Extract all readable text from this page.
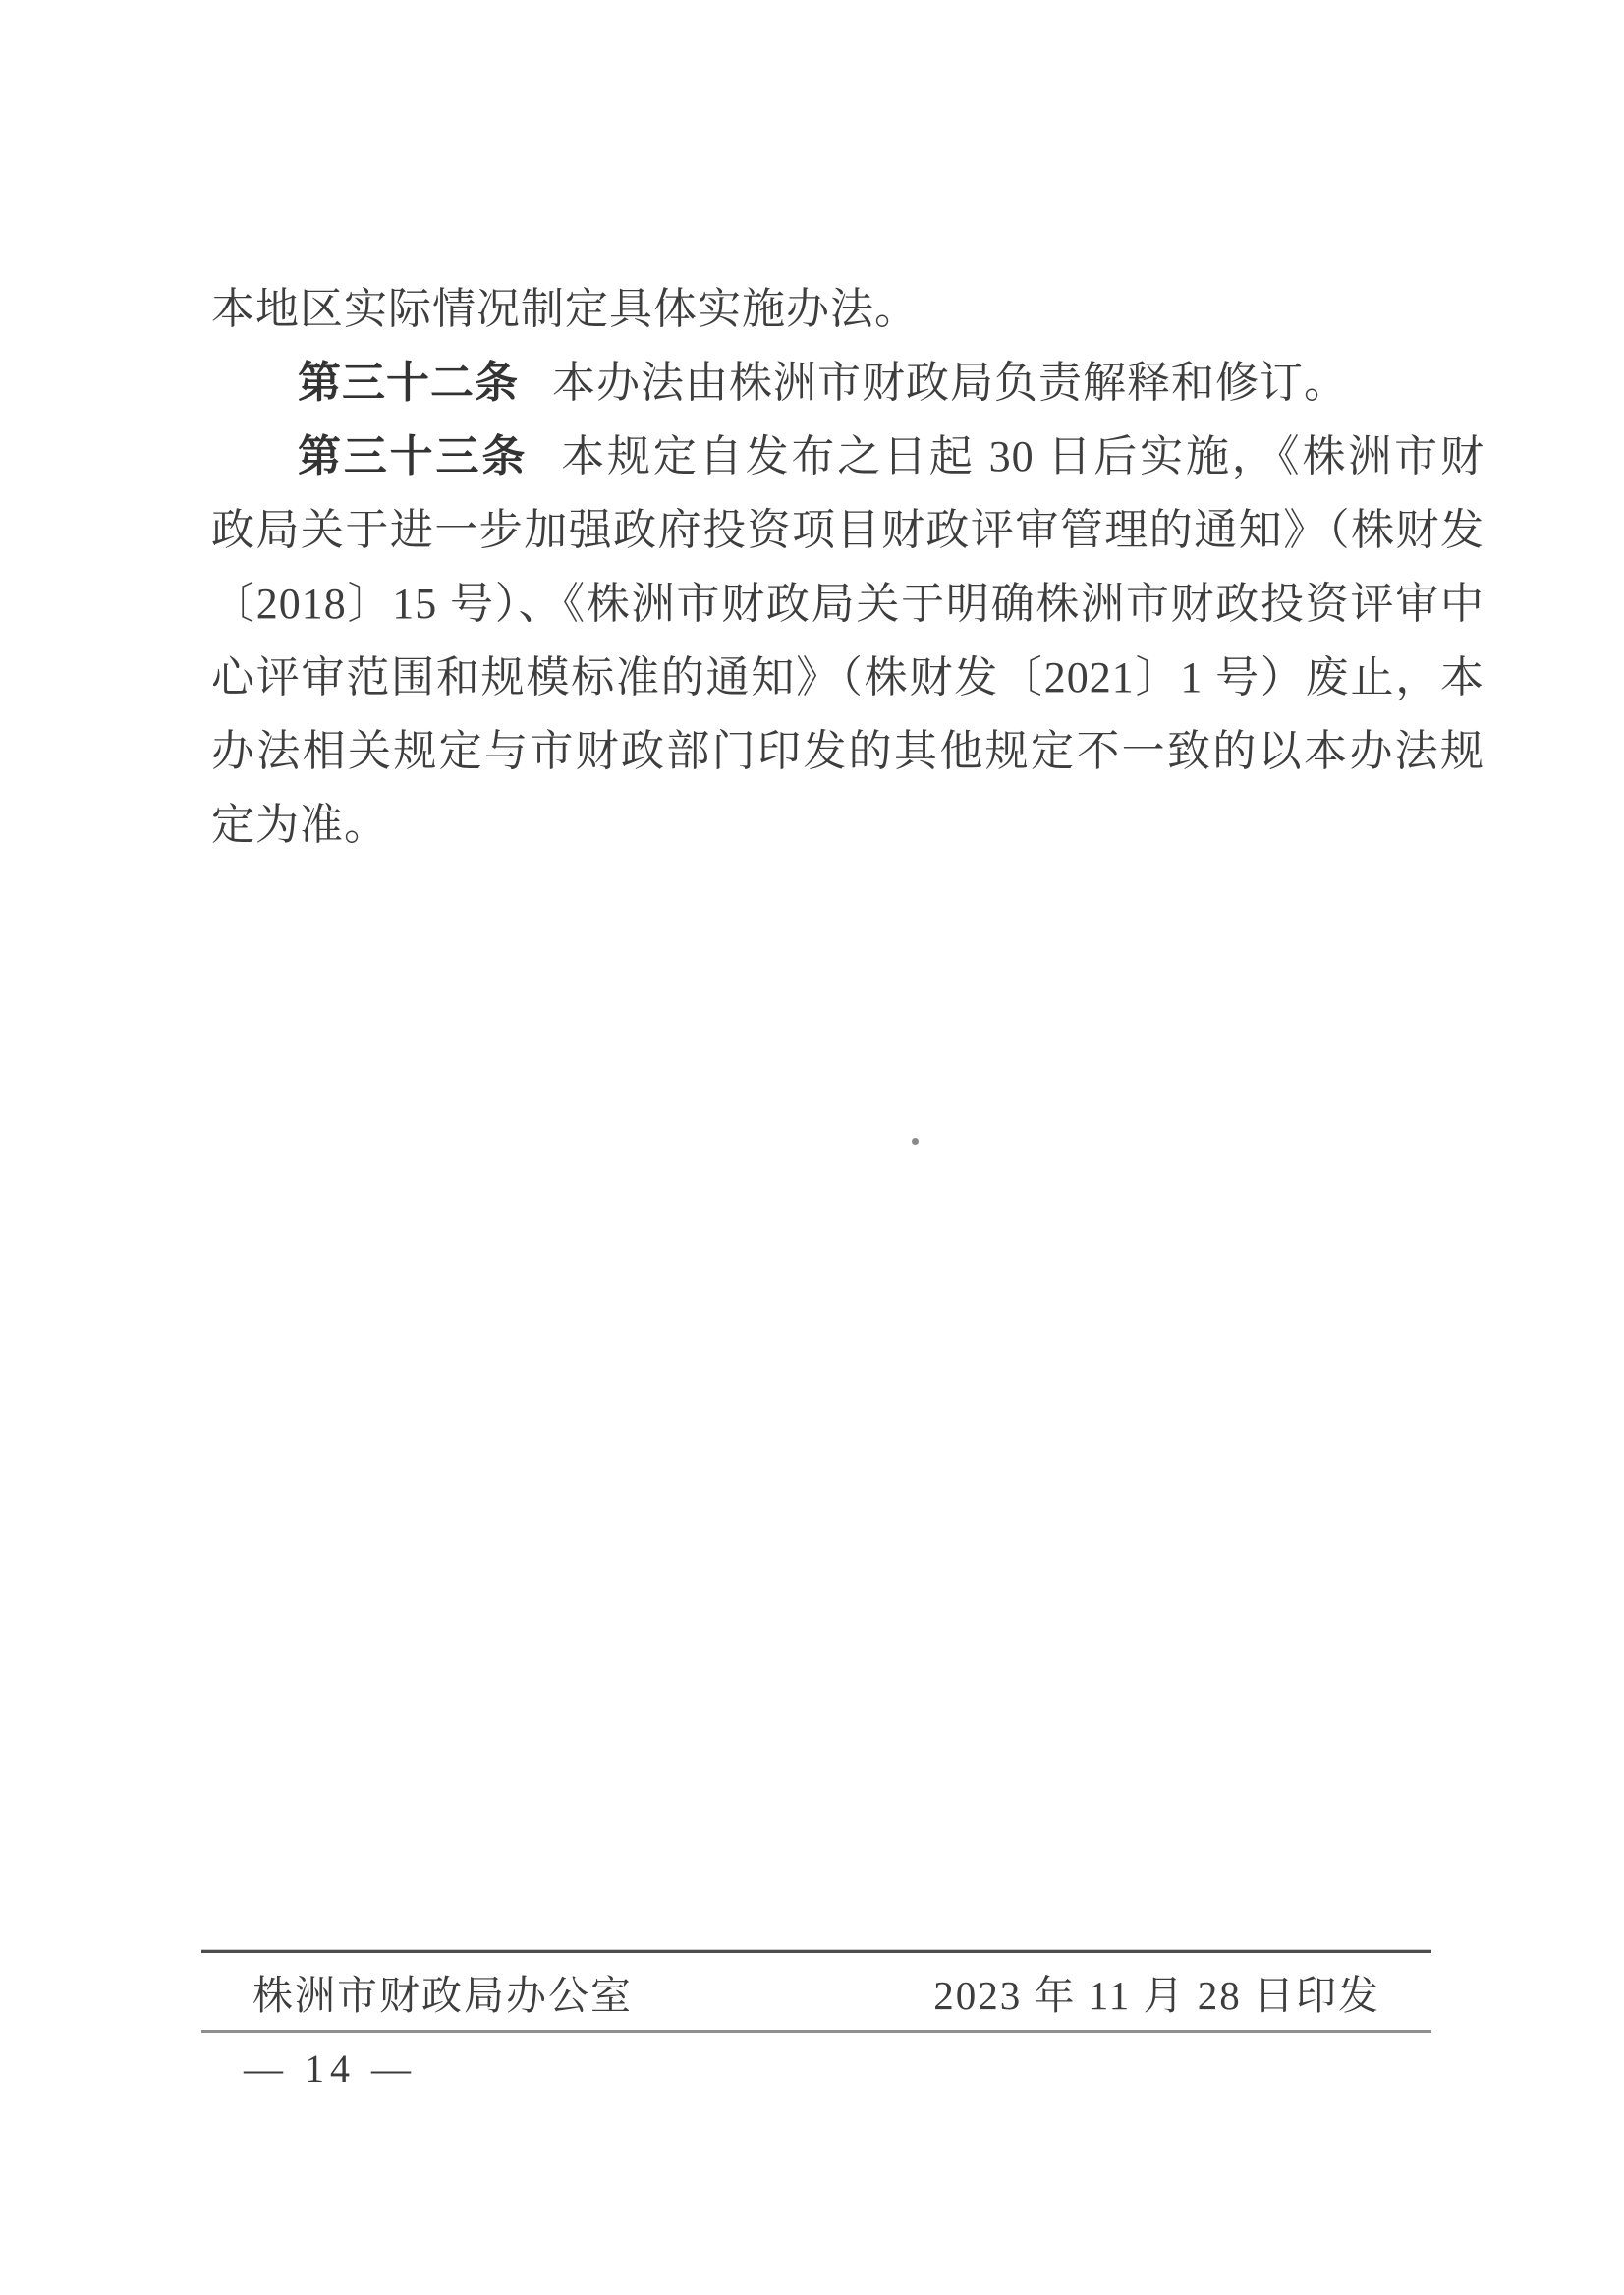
本地区实际情况制定具体实施办法。
第三十二条 本办法由株洲市财政局负责解释和修订。
第三十三条 本规定自发布之日起 30 日后实施，《株洲市财
政局关于进一步加强政府投资项目财政评审管理的通知》（株财发
〔2018〕15 号）、《株洲市财政局关于明确株洲市财政投资评审中
心评审范围和规模标准的通知》（株财发〔2021〕1 号）废止，本
办法相关规定与市财政部门印发的其他规定不一致的以本办法规
定为准。
株洲市财政局办公室	2023 年 11 月 28 日印发
— 14 —
